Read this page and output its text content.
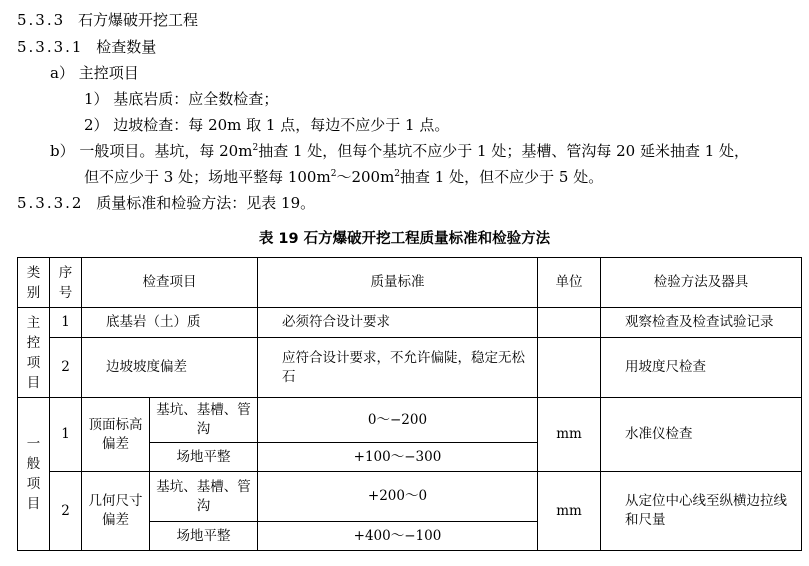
5.3.3 石方爆破开挖工程
5.3.3.1 检查数量
a） 主控项目
1） 基底岩质：应全数检查；
2） 边坡检查：每 20m 取 1 点，每边不应少于 1 点。
b） 一般项目。基坑，每 $20m^2$抽查 1 处，但每个基坑不应少于 1 处；基槽、管沟每 20 延米抽查 1 处，
但不应少于 3 处；场地平整每 $100m^2\sim 200m^2$抽查 1 处，但不应少于 5 处。
5.3.3.2 质量标准和检验方法：见表 19。
表 19 石方爆破开挖工程质量标准和检验方法
类别	序号	检查项目		质量标准	单位	检验方法及器具
主控项目	1	底基岩（土）质		必须符合设计要求		观察检查及检查试验记录
	2	边坡坡度偏差		应符合设计要求，不允许偏陡，稳定无松石		用坡度尺检查
一般项目	1	顶面标高偏差	基坑、基槽、管沟	0～−200	mm	水准仪检查
			场地平整	+100～−300		
	2	几何尺寸偏差	基坑、基槽、管沟	+200～0	mm	从定位中心线至纵横边拉线和尺量
			场地平整	+400～−100		
